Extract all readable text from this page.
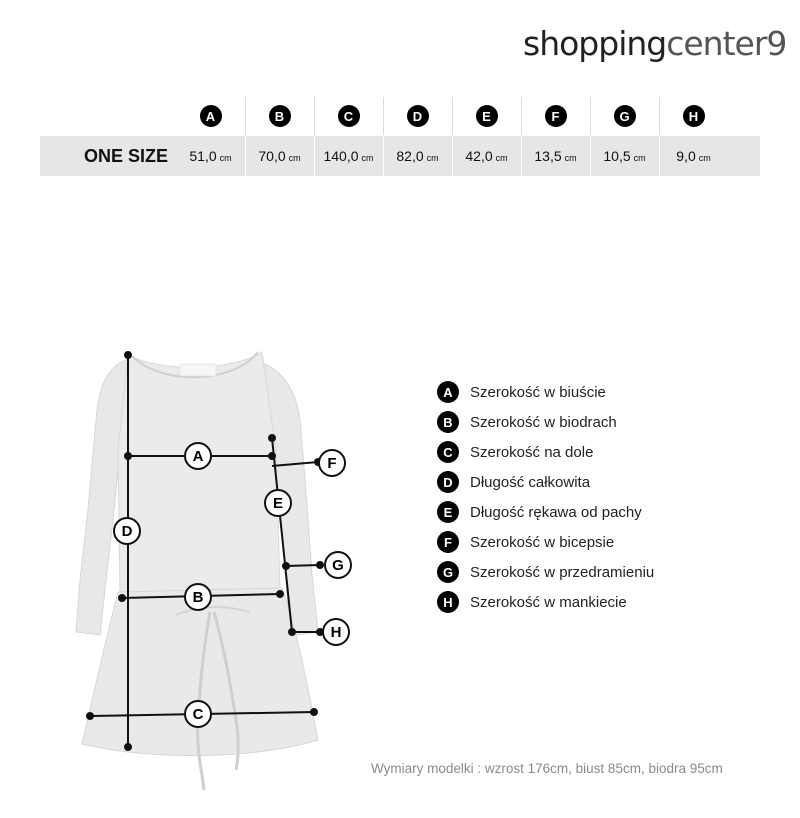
shoppingcenter9
A	B	C	D	E	F	G	H
ONE SIZE 51,0 cm 70,0 cm 140,0 cm 82,0 cm 42,0 cm 13,5 cm 10,5 cm 9,0 cm
A
B
C
D
E
F
G
H
A	Szerokość w biuście
B	Szerokość w biodrach
C	Szerokość na dole
D	Długość całkowita
E	Długość rękawa od pachy
F	Szerokość w bicepsie
G	Szerokość w przedramieniu
H	Szerokość w mankiecie
Wymiary modelki : wzrost 176cm, biust 85cm, biodra 95cm
